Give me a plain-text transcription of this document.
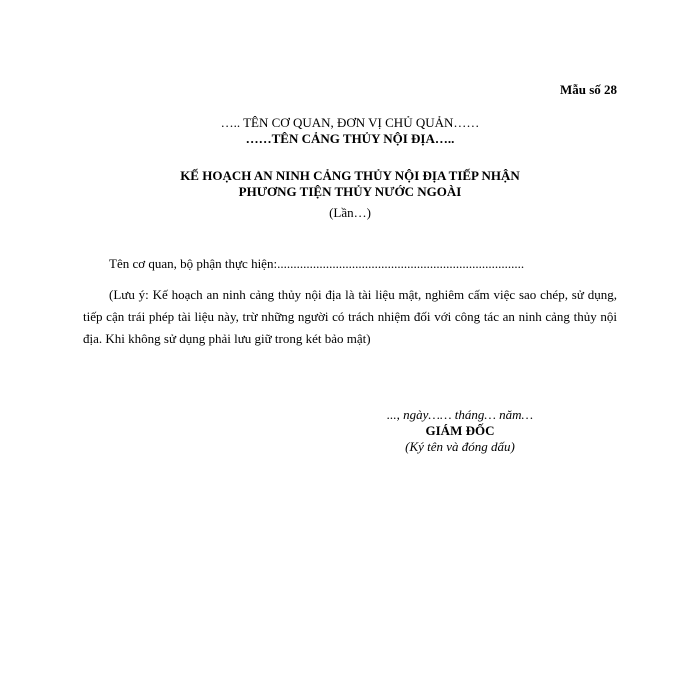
Mẫu số 28
….. TÊN CƠ QUAN, ĐƠN VỊ CHỦ QUẢN……
……TÊN CẢNG THỦY NỘI ĐỊA…..
KẾ HOẠCH AN NINH CẢNG THỦY NỘI ĐỊA TIẾP NHẬN
PHƯƠNG TIỆN THỦY NƯỚC NGOÀI
(Lần…)
Tên cơ quan, bộ phận thực hiện:............................................................................
(Lưu ý: Kế hoạch an ninh cảng thủy nội địa là tài liệu mật, nghiêm cấm việc sao chép, sử dụng, tiếp cận trái phép tài liệu này, trừ những người có trách nhiệm đối với công tác an ninh cảng thủy nội địa. Khi không sử dụng phải lưu giữ trong két bảo mật)
..., ngày…… tháng… năm…
GIÁM ĐỐC
(Ký tên và đóng dấu)
